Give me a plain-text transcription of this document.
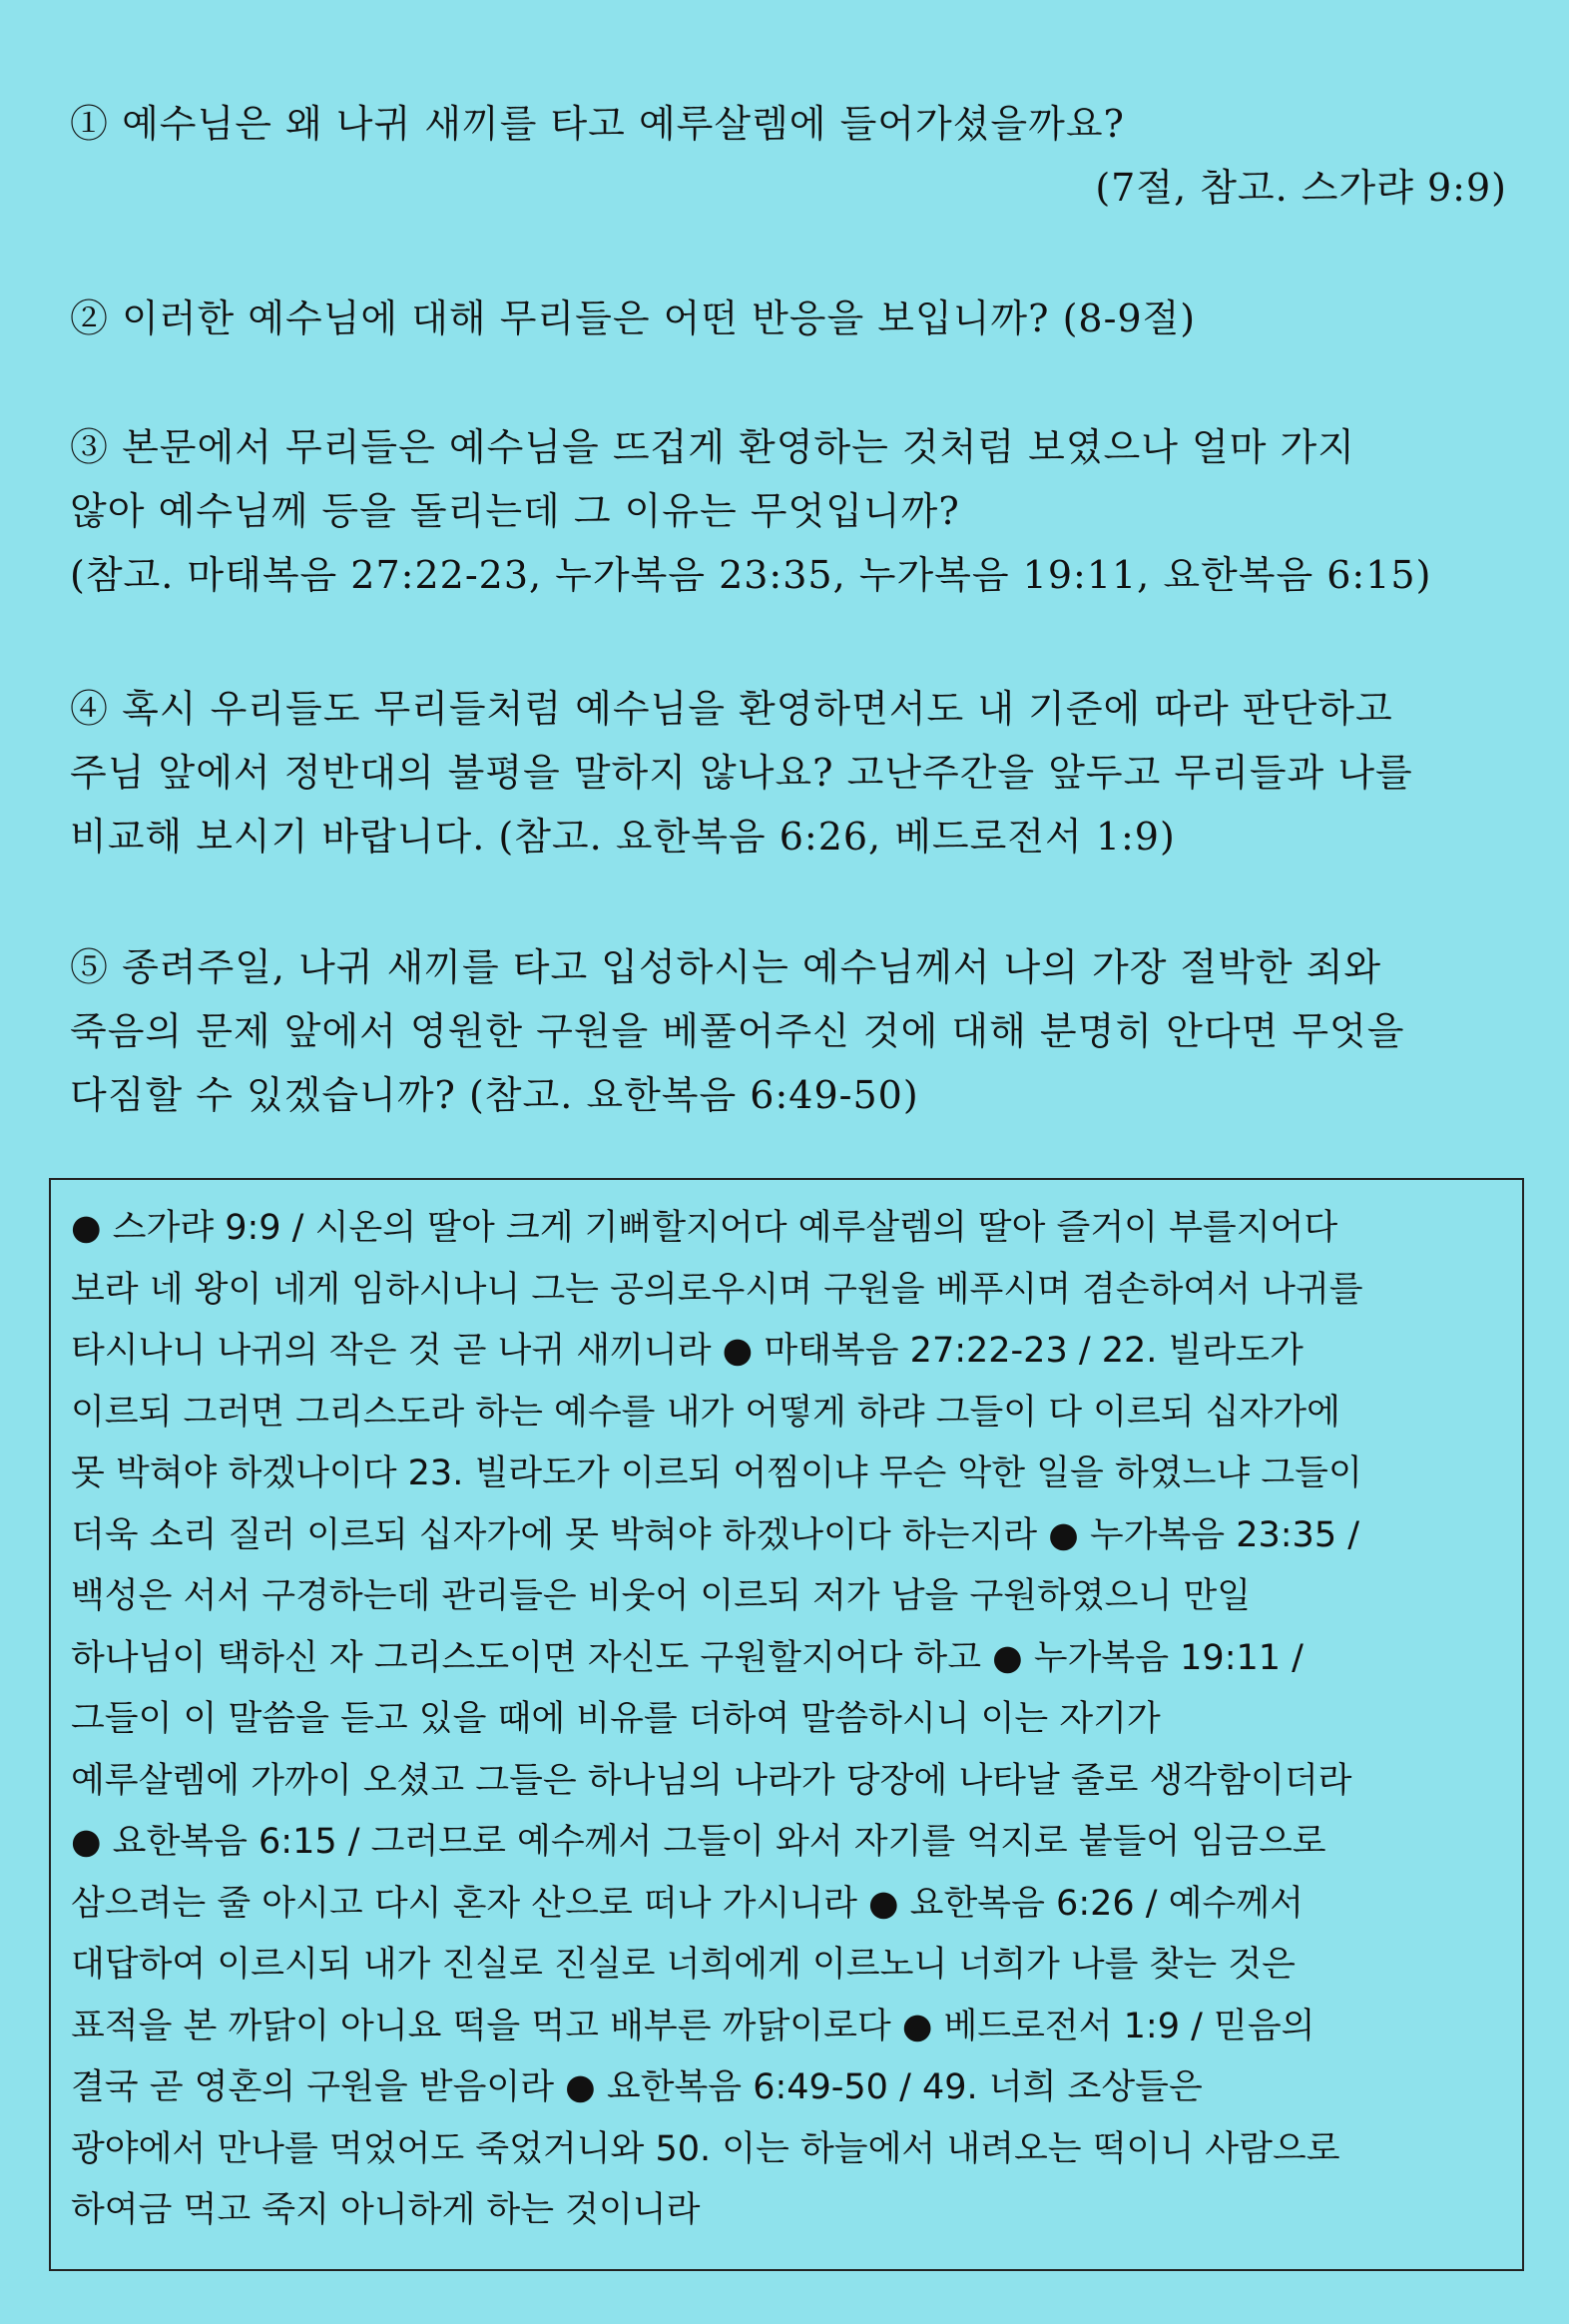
① 예수님은 왜 나귀 새끼를 타고 예루살렘에 들어가셨을까요?
(7절, 참고. 스가랴 9:9)
② 이러한 예수님에 대해 무리들은 어떤 반응을 보입니까? (8-9절)
③ 본문에서 무리들은 예수님을 뜨겁게 환영하는 것처럼 보였으나 얼마 가지
않아 예수님께 등을 돌리는데 그 이유는 무엇입니까?
(참고. 마태복음 27:22-23, 누가복음 23:35, 누가복음 19:11, 요한복음 6:15)
④ 혹시 우리들도 무리들처럼 예수님을 환영하면서도 내 기준에 따라 판단하고
주님 앞에서 정반대의 불평을 말하지 않나요? 고난주간을 앞두고 무리들과 나를
비교해 보시기 바랍니다. (참고. 요한복음 6:26, 베드로전서 1:9)
⑤ 종려주일, 나귀 새끼를 타고 입성하시는 예수님께서 나의 가장 절박한 죄와
죽음의 문제 앞에서 영원한 구원을 베풀어주신 것에 대해 분명히 안다면 무엇을
다짐할 수 있겠습니까? (참고. 요한복음 6:49-50)
● 스가랴 9:9 / 시온의 딸아 크게 기뻐할지어다 예루살렘의 딸아 즐거이 부를지어다
보라 네 왕이 네게 임하시나니 그는 공의로우시며 구원을 베푸시며 겸손하여서 나귀를
타시나니 나귀의 작은 것 곧 나귀 새끼니라 ● 마태복음 27:22-23 / 22. 빌라도가
이르되 그러면 그리스도라 하는 예수를 내가 어떻게 하랴 그들이 다 이르되 십자가에
못 박혀야 하겠나이다 23. 빌라도가 이르되 어찜이냐 무슨 악한 일을 하였느냐 그들이
더욱 소리 질러 이르되 십자가에 못 박혀야 하겠나이다 하는지라 ● 누가복음 23:35 /
백성은 서서 구경하는데 관리들은 비웃어 이르되 저가 남을 구원하였으니 만일
하나님이 택하신 자 그리스도이면 자신도 구원할지어다 하고 ● 누가복음 19:11 /
그들이 이 말씀을 듣고 있을 때에 비유를 더하여 말씀하시니 이는 자기가
예루살렘에 가까이 오셨고 그들은 하나님의 나라가 당장에 나타날 줄로 생각함이더라
● 요한복음 6:15 / 그러므로 예수께서 그들이 와서 자기를 억지로 붙들어 임금으로
삼으려는 줄 아시고 다시 혼자 산으로 떠나 가시니라 ● 요한복음 6:26 / 예수께서
대답하여 이르시되 내가 진실로 진실로 너희에게 이르노니 너희가 나를 찾는 것은
표적을 본 까닭이 아니요 떡을 먹고 배부른 까닭이로다 ● 베드로전서 1:9 / 믿음의
결국 곧 영혼의 구원을 받음이라 ● 요한복음 6:49-50 / 49. 너희 조상들은
광야에서 만나를 먹었어도 죽었거니와 50. 이는 하늘에서 내려오는 떡이니 사람으로
하여금 먹고 죽지 아니하게 하는 것이니라
